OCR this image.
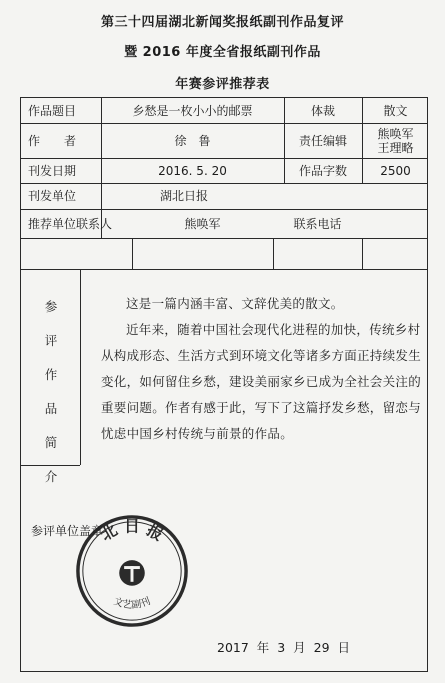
第三十四届湖北新闻奖报纸副刊作品复评
暨 2016 年度全省报纸副刊作品
年赛参评推荐表
作品题目	乡愁是一枚小小的邮票	体裁	散文
作　　者	徐　鲁	责任编辑	熊唤军
王理略
刊发日期	2016. 5. 20	作品字数	2500
刊发单位	湖北日报
推荐单位联系人	熊唤军	联系电话
参
评
作
品
简
介

这是一篇内涵丰富、文辞优美的散文。

近年来，随着中国社会现代化进程的加快，传统乡村从构成形态、生活方式到环境文化等诸多方面正持续发生变化，如何留住乡愁，建设美丽家乡已成为全社会关注的重要问题。作者有感于此，写下了这篇抒发乡愁，留恋与忧虑中国乡村传统与前景的作品。

北 日 报
文艺副刊
参评单位盖章
2017 年 3 月 29 日
